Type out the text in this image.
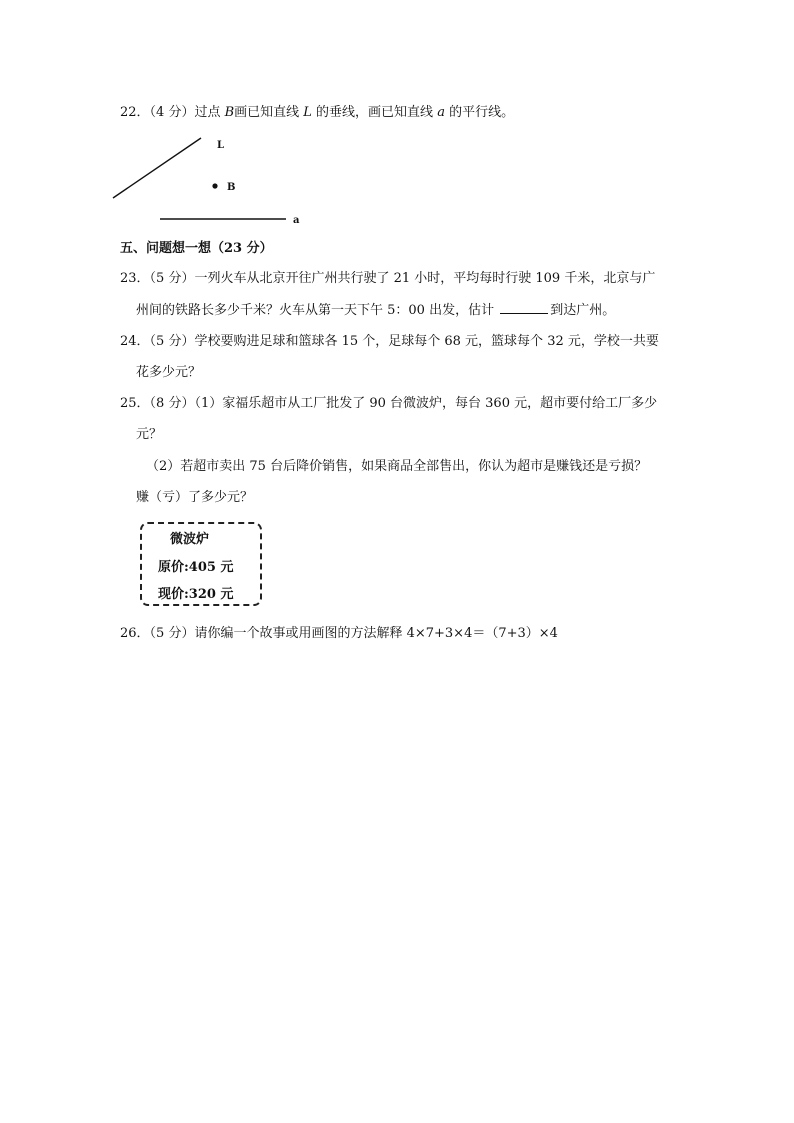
22．（4 分）过点 B画已知直线 L 的垂线，画已知直线 a 的平行线。
L
B
a
五、问题想一想（23 分）
23．（5 分）一列火车从北京开往广州共行驶了 21 小时，平均每时行驶 109 千米，北京与广
州间的铁路长多少千米？火车从第一天下午 5：00 出发，估计	到达广州。
24．（5 分）学校要购进足球和篮球各 15 个，足球每个 68 元，篮球每个 32 元，学校一共要
花多少元？
25．（8 分）（1）家福乐超市从工厂批发了 90 台微波炉，每台 360 元，超市要付给工厂多少
元？
（2）若超市卖出 75 台后降价销售，如果商品全部售出，你认为超市是赚钱还是亏损？
赚（亏）了多少元？
微波炉
原价:405 元
现价:320 元
26．（5 分）请你编一个故事或用画图的方法解释 4×7+3×4＝（7+3）×4
